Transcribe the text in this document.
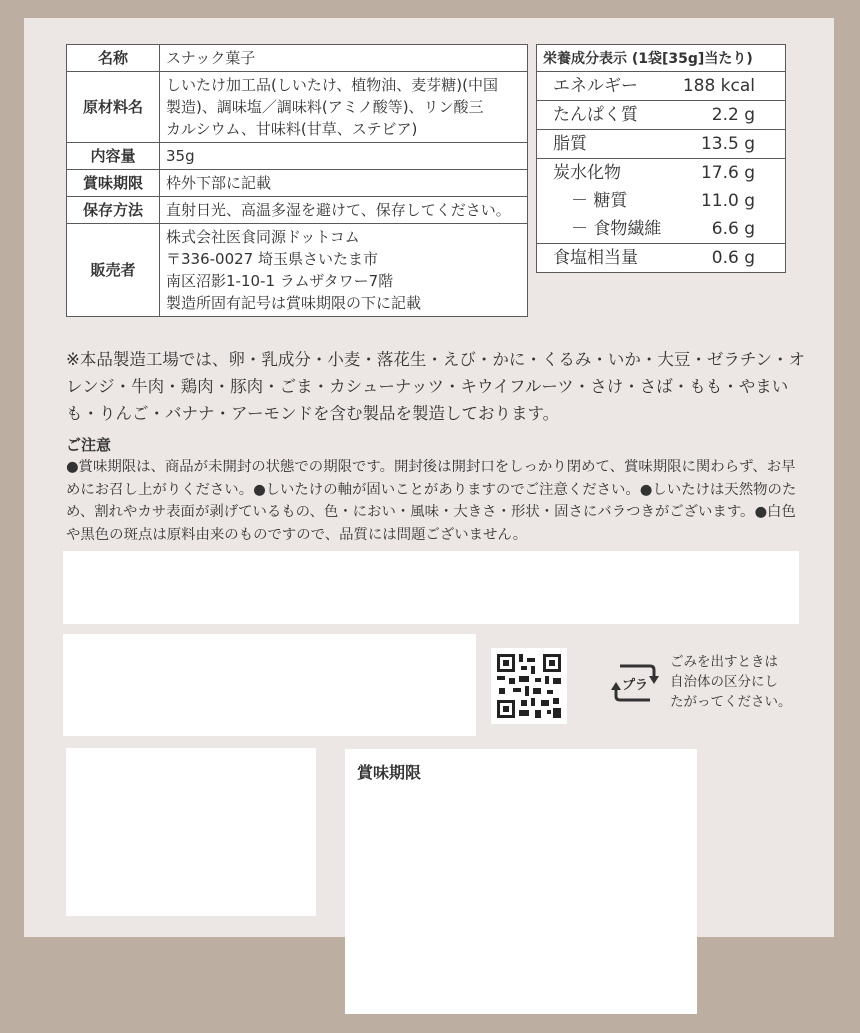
名称	スナック菓子
原材料名	しいたけ加工品(しいたけ、植物油、麦芽糖)(中国
製造)、調味塩／調味料(アミノ酸等)、リン酸三
カルシウム、甘味料(甘草、ステビア)
内容量	35g
賞味期限	枠外下部に記載
保存方法	直射日光、高温多湿を避けて、保存してください。
販売者	株式会社医食同源ドットコム
〒336-0027 埼玉県さいたま市
南区沼影1-10-1 ラムザタワー7階
製造所固有記号は賞味期限の下に記載
栄養成分表示 (1袋[35g]当たり)
エネルギー	188 kcal
たんぱく質	2.2 g
脂質	13.5 g
炭水化物	17.6 g
－ 糖質	11.0 g
－ 食物繊維	6.6 g
食塩相当量	0.6 g
※本品製造工場では、卵・乳成分・小麦・落花生・えび・かに・くるみ・いか・大豆・ゼラチン・オレンジ・牛肉・鶏肉・豚肉・ごま・カシューナッツ・キウイフルーツ・さけ・さば・もも・やまいも・りんご・バナナ・アーモンドを含む製品を製造しております。
ご注意
●賞味期限は、商品が未開封の状態での期限です。開封後は開封口をしっかり閉めて、賞味期限に関わらず、お早めにお召し上がりください。●しいたけの軸が固いことがありますのでご注意ください。●しいたけは天然物のため、割れやカサ表面が剥げているもの、色・におい・風味・大きさ・形状・固さにバラつきがございます。●白色や黒色の斑点は原料由来のものですので、品質には問題ございません。
賞味期限
プラ
ごみを出すときは
自治体の区分にし
たがってください。
